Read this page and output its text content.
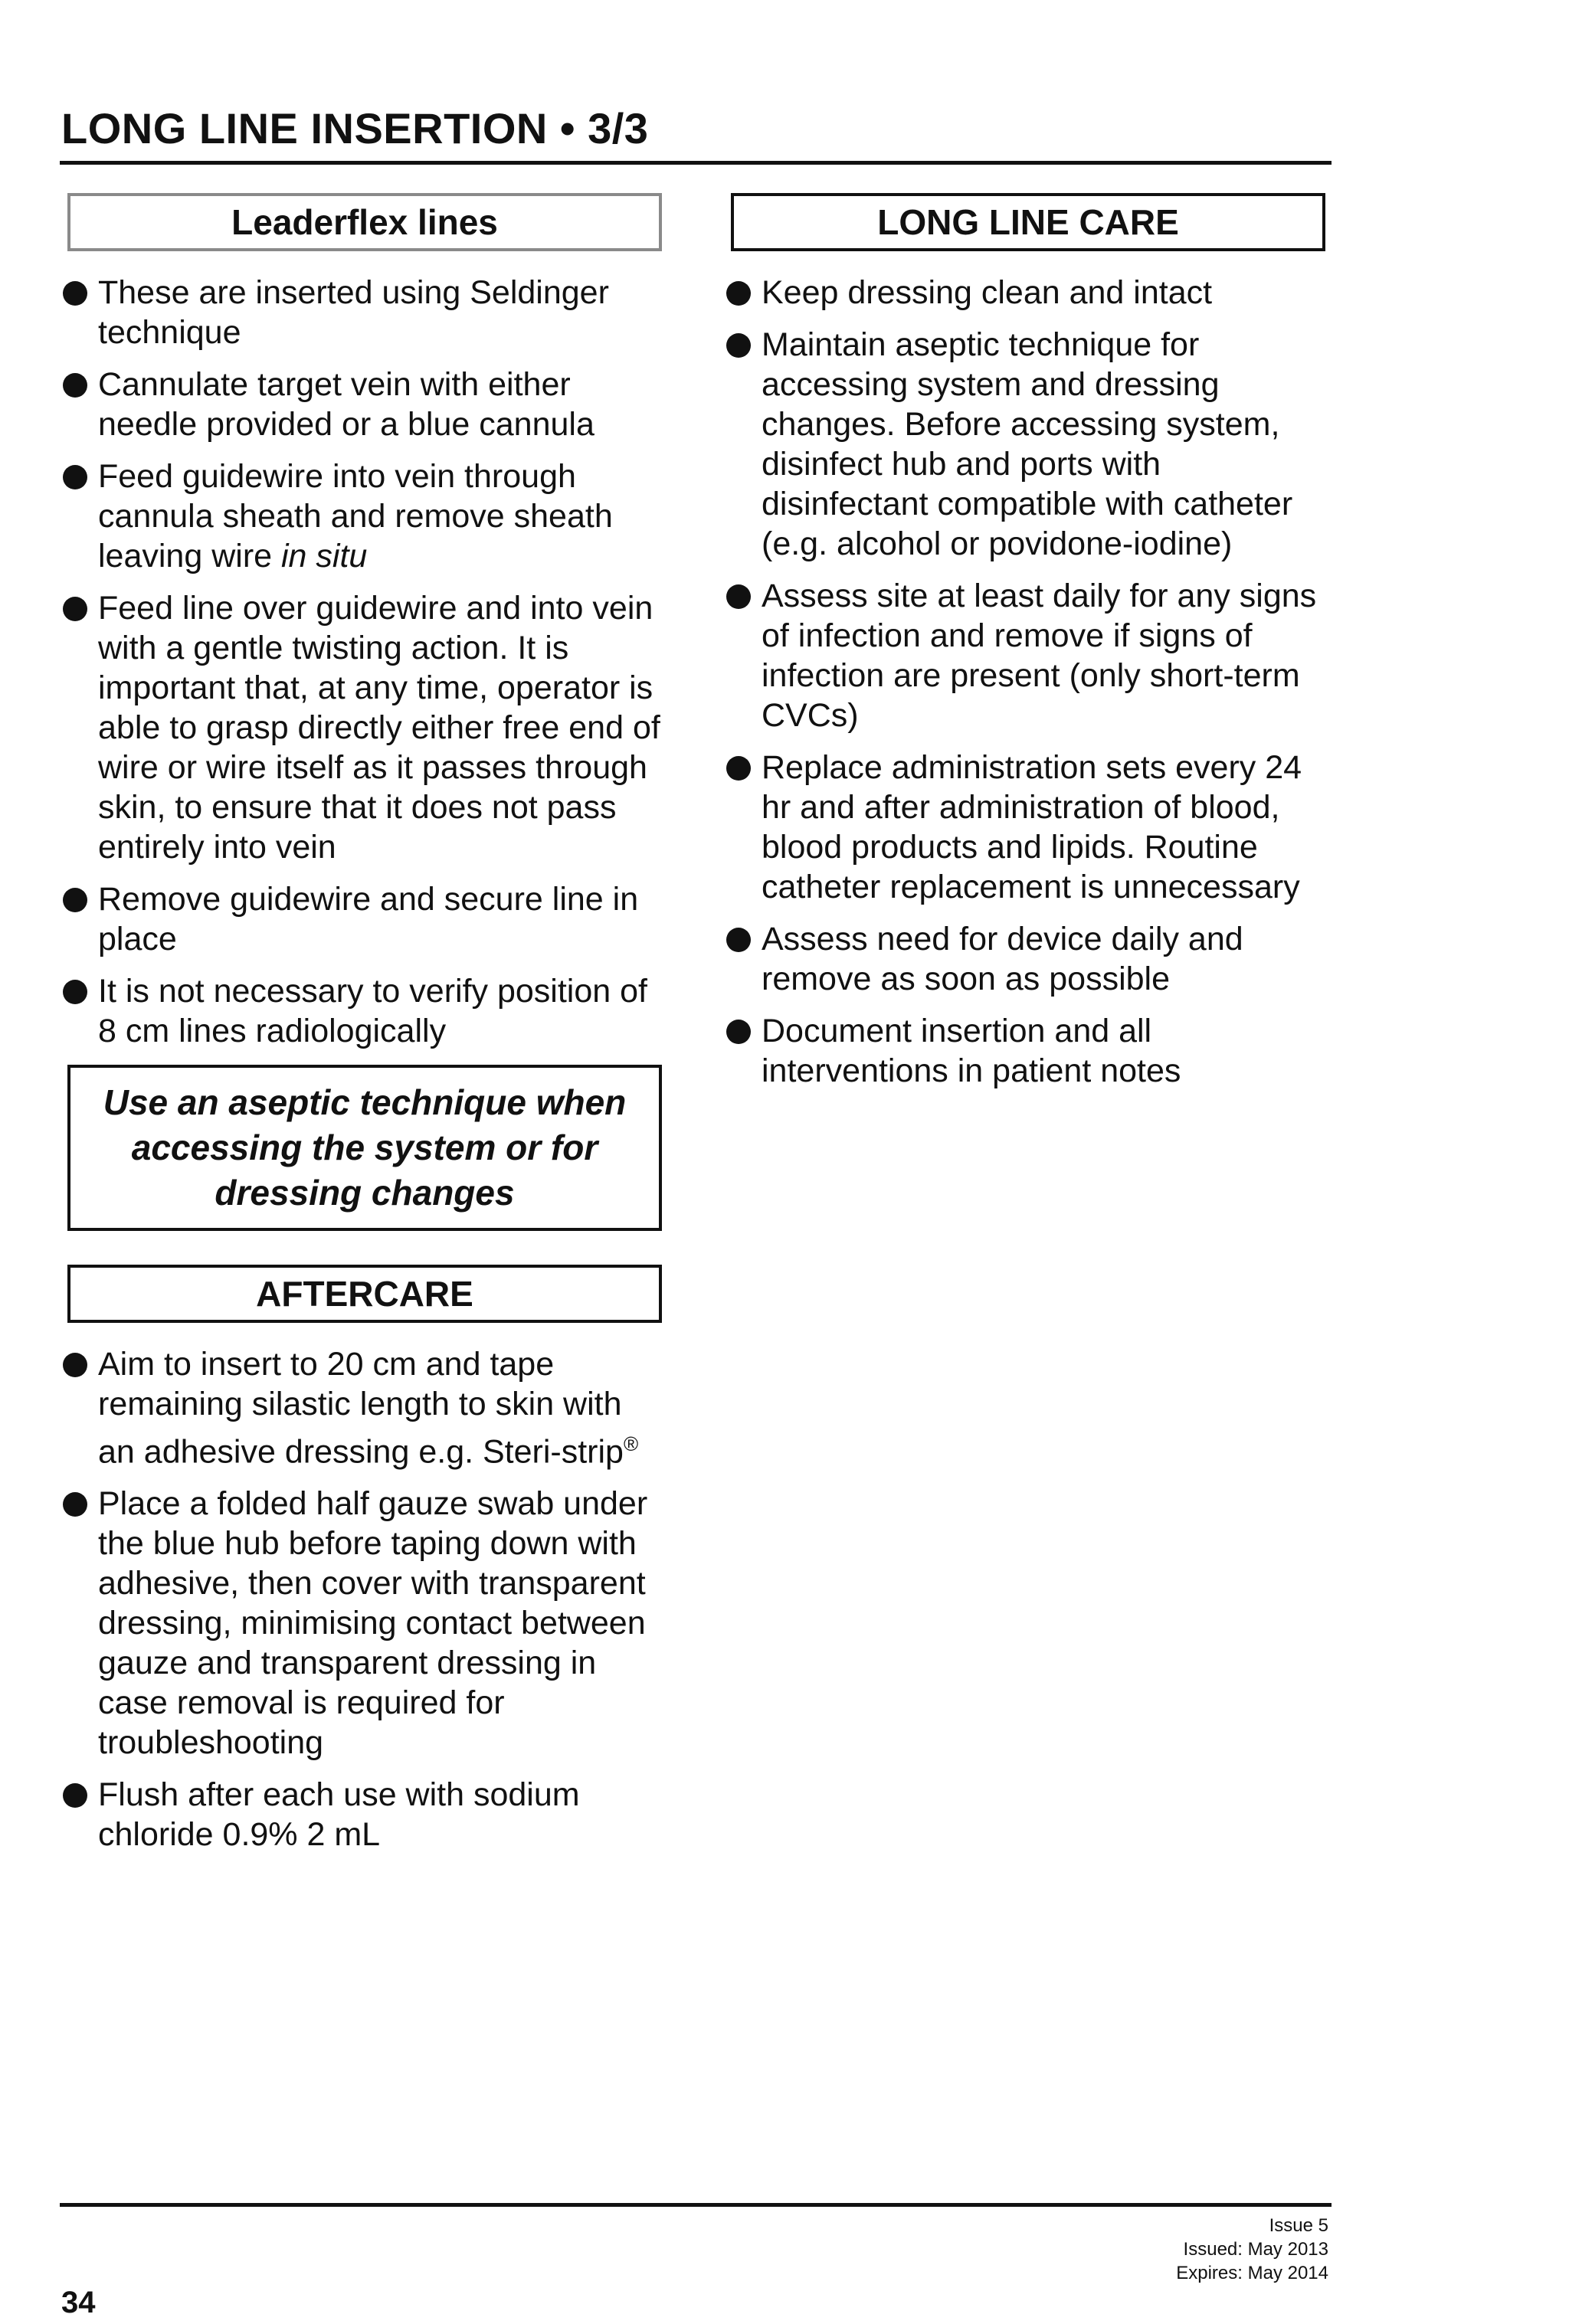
LONG LINE INSERTION • 3/3
Leaderflex lines
These are inserted using Seldinger technique
Cannulate target vein with either needle provided or a blue cannula
Feed guidewire into vein through cannula sheath and remove sheath leaving wire in situ
Feed line over guidewire and into vein with a gentle twisting action. It is important that, at any time, operator is able to grasp directly either free end of wire or wire itself as it passes through skin, to ensure that it does not pass entirely into vein
Remove guidewire and secure line in place
It is not necessary to verify position of 8 cm lines radiologically
Use an aseptic technique when accessing the system or for dressing changes
AFTERCARE
Aim to insert to 20 cm and tape remaining silastic length to skin with an adhesive dressing e.g. Steri-strip®
Place a folded half gauze swab under the blue hub before taping down with adhesive, then cover with transparent dressing, minimising contact between gauze and transparent dressing in case removal is required for troubleshooting
Flush after each use with sodium chloride 0.9% 2 mL
LONG LINE CARE
Keep dressing clean and intact
Maintain aseptic technique for accessing system and dressing changes. Before accessing system, disinfect hub and ports with disinfectant compatible with catheter (e.g. alcohol or povidone-iodine)
Assess site at least daily for any signs of infection and remove if signs of infection are present (only short-term CVCs)
Replace administration sets every 24 hr and after administration of blood, blood products and lipids. Routine catheter replacement is unnecessary
Assess need for device daily and remove as soon as possible
Document insertion and all interventions in patient notes
34
Issue 5
Issued: May 2013
Expires: May 2014
